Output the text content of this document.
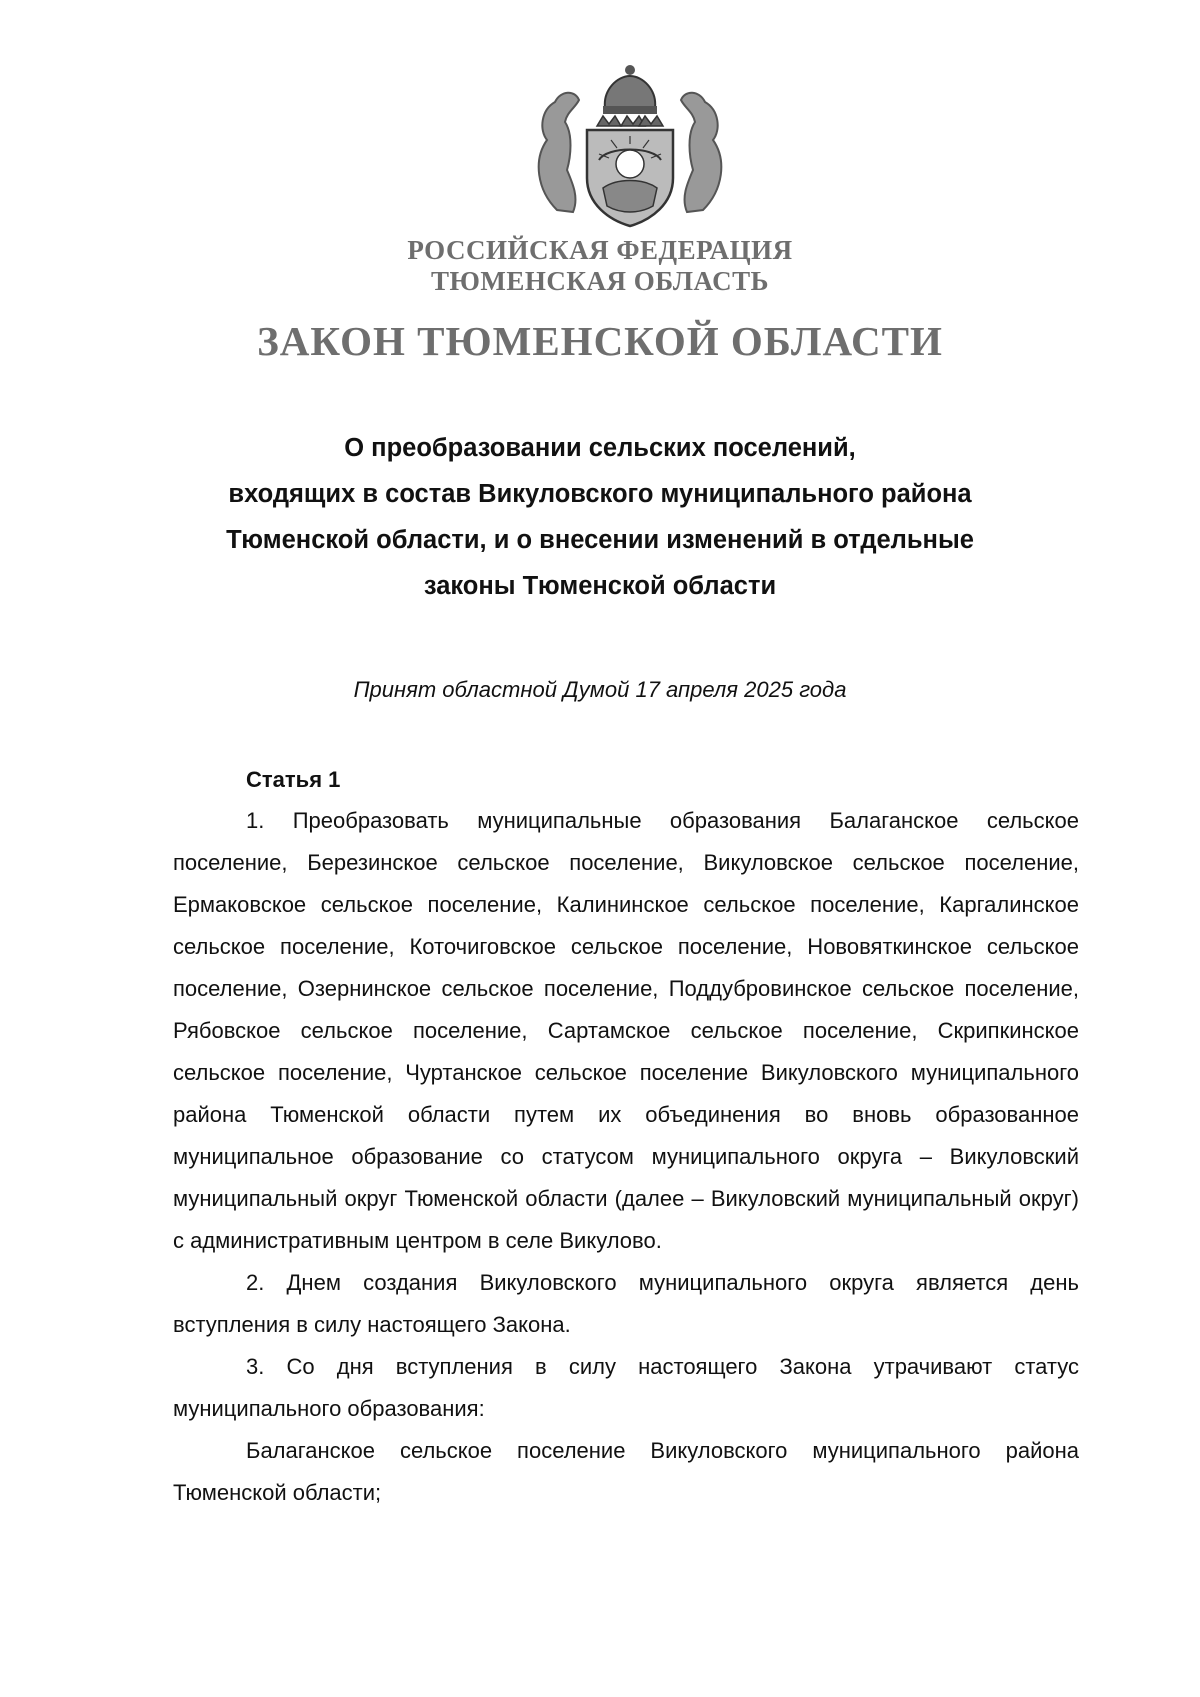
РОССИЙСКАЯ ФЕДЕРАЦИЯ
ТЮМЕНСКАЯ ОБЛАСТЬ
ЗАКОН ТЮМЕНСКОЙ ОБЛАСТИ
О преобразовании сельских поселений,
входящих в состав Викуловского муниципального района
Тюменской области, и о внесении изменений в отдельные
законы Тюменской области
Принят областной Думой 17 апреля 2025 года
Статья 1

1. Преобразовать муниципальные образования Балаганское сельское поселение, Березинское сельское поселение, Викуловское сельское поселение, Ермаковское сельское поселение, Калининское сельское поселение, Каргалинское сельское поселение, Коточиговское сельское поселение, Нововяткинское сельское поселение, Озернинское сельское поселение, Поддубровинское сельское поселение, Рябовское сельское поселение, Сартамское сельское поселение, Скрипкинское сельское поселение, Чуртанское сельское поселение Викуловского муниципального района Тюменской области путем их объединения во вновь образованное муниципальное образование со статусом муниципального округа – Викуловский муниципальный округ Тюменской области (далее – Викуловский муниципальный округ) с административным центром в селе Викулово.

2. Днем создания Викуловского муниципального округа является день вступления в силу настоящего Закона.

3. Со дня вступления в силу настоящего Закона утрачивают статус муниципального образования:

Балаганское сельское поселение Викуловского муниципального района Тюменской области;
